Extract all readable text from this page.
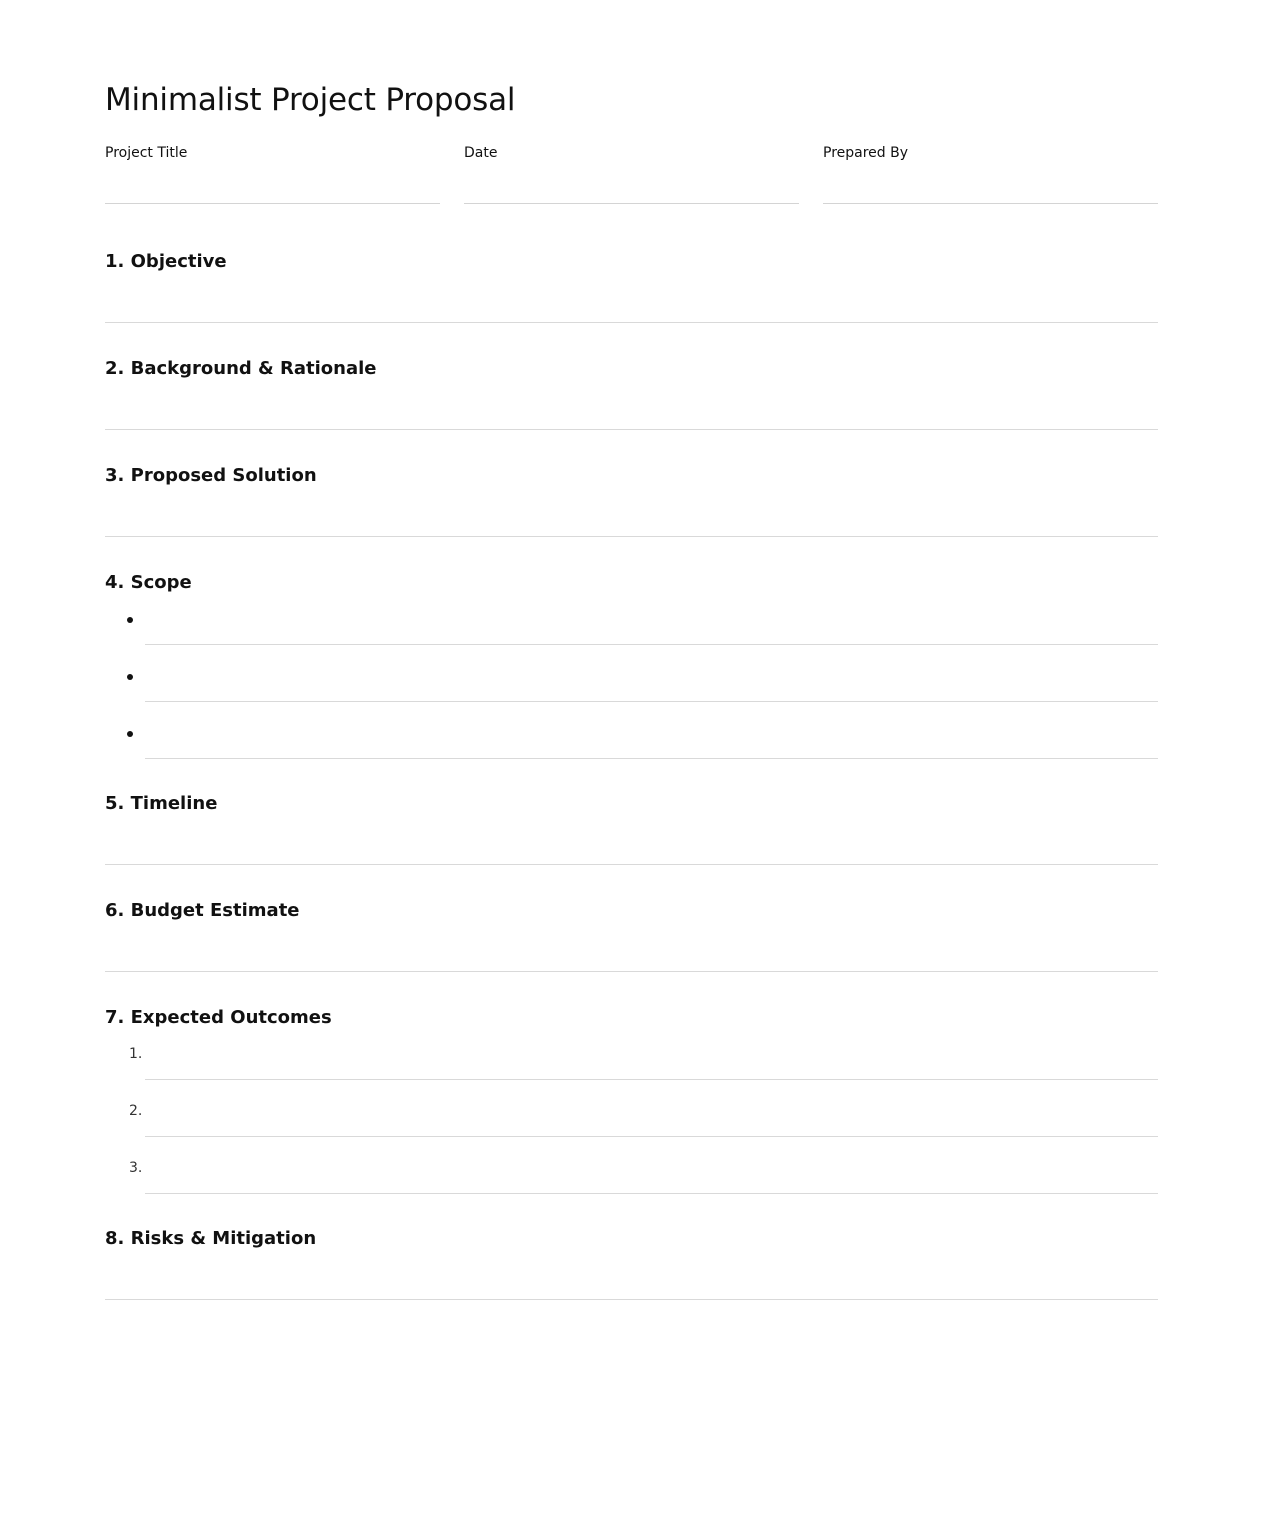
Minimalist Project Proposal
Project Title	Date	Prepared By
1. Objective
2. Background & Rationale
3. Proposed Solution
4. Scope
5. Timeline
6. Budget Estimate
7. Expected Outcomes
1.
2.
3.
8. Risks & Mitigation
